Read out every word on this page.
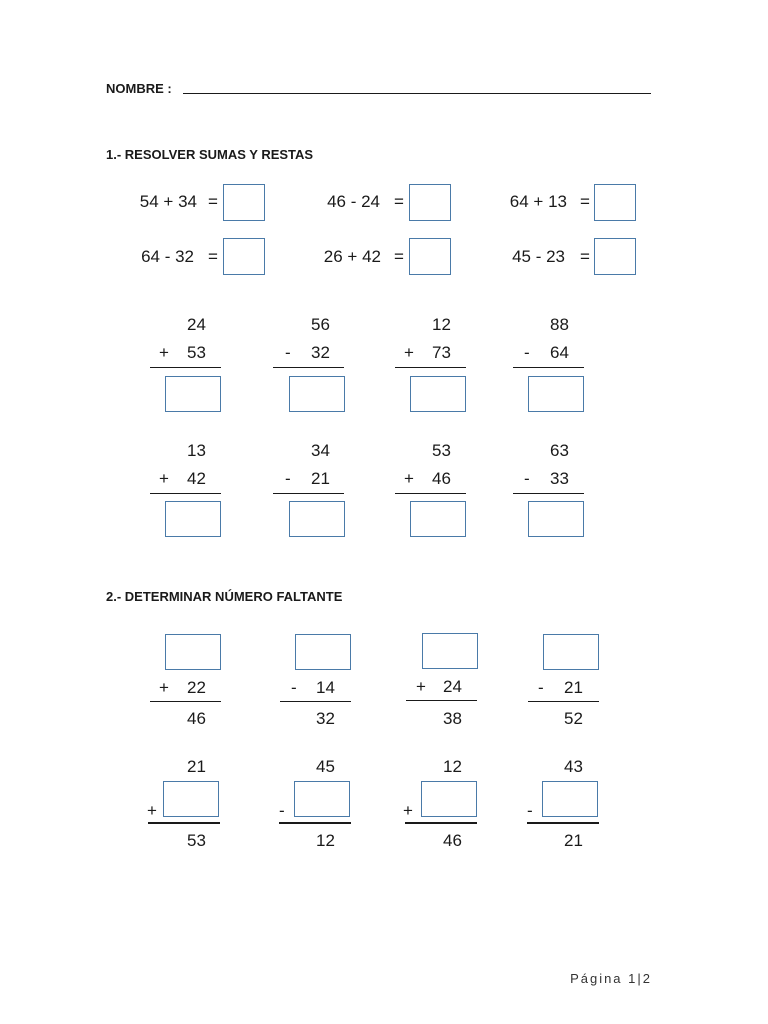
NOMBRE :
1.- RESOLVER SUMAS Y RESTAS
54 + 34 =	46 - 24 =	64 + 13 =
64 - 32 =	26 + 42 =	45 - 23 =
24
+ 53
56
- 32
12
+ 73
88
- 64
13
+ 42
34
- 21
53
+ 46
63
- 33
2.- DETERMINAR NÚMERO FALTANTE
+ 22
46
- 14
32
+ 24
38
- 21
52
21
+
53
45
-
12
12
+
46
43
-
21
Página 1|2
